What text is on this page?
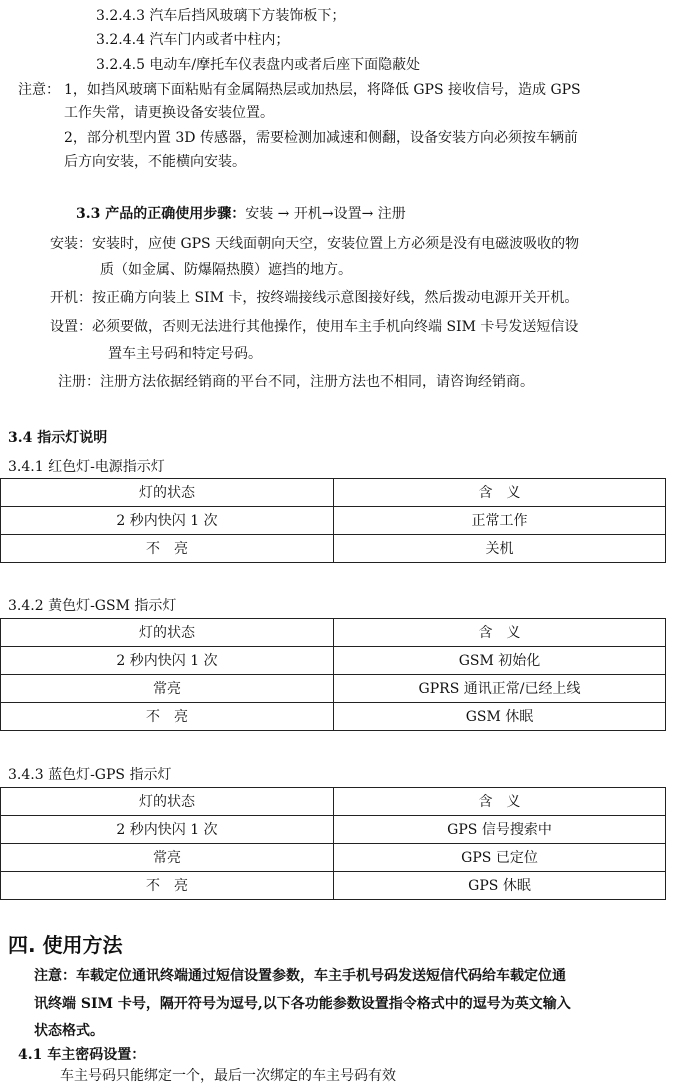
3.2.4.3 汽车后挡风玻璃下方装饰板下；
3.2.4.4 汽车门内或者中柱内；
3.2.4.5 电动车/摩托车仪表盘内或者后座下面隐蔽处
注意： 1，如挡风玻璃下面粘贴有金属隔热层或加热层，将降低 GPS 接收信号，造成 GPS
工作失常，请更换设备安装位置。
2，部分机型内置 3D 传感器，需要检测加减速和侧翻，设备安装方向必须按车辆前
后方向安装，不能横向安装。
3.3 产品的正确使用步骤：安装 → 开机→设置→ 注册
安装：安装时，应使 GPS 天线面朝向天空，安装位置上方必须是没有电磁波吸收的物
质（如金属、防爆隔热膜）遮挡的地方。
开机：按正确方向装上 SIM 卡，按终端接线示意图接好线，然后拨动电源开关开机。
设置：必须要做，否则无法进行其他操作，使用车主手机向终端 SIM 卡号发送短信设
置车主号码和特定号码。
注册：注册方法依据经销商的平台不同，注册方法也不相同，请咨询经销商。
3.4 指示灯说明
3.4.1 红色灯-电源指示灯
灯的状态	含　义
2 秒内快闪 1 次	正常工作
不　亮	关机
3.4.2 黄色灯-GSM 指示灯
灯的状态	含　义
2 秒内快闪 1 次	GSM 初始化
常亮	GPRS 通讯正常/已经上线
不　亮	GSM 休眠
3.4.3 蓝色灯-GPS 指示灯
灯的状态	含　义
2 秒内快闪 1 次	GPS 信号搜索中
常亮	GPS 已定位
不　亮	GPS 休眠
四. 使用方法
注意：车载定位通讯终端通过短信设置参数，车主手机号码发送短信代码给车载定位通
讯终端 SIM 卡号，隔开符号为逗号,以下各功能参数设置指令格式中的逗号为英文输入
状态格式。
4.1 车主密码设置：
车主号码只能绑定一个，最后一次绑定的车主号码有效
